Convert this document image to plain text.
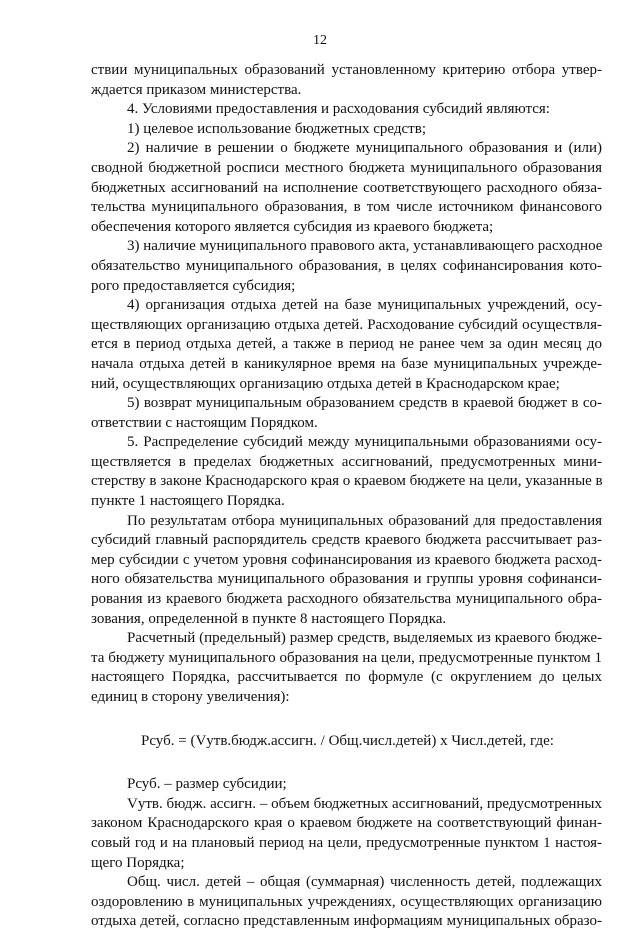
12
ствии муниципальных образований установленному критерию отбора утвер-
ждается приказом министерства.
4. Условиями предоставления и расходования субсидий являются:
1) целевое использование бюджетных средств;
2) наличие в решении о бюджете муниципального образования и (или)
сводной бюджетной росписи местного бюджета муниципального образования
бюджетных ассигнований на исполнение соответствующего расходного обяза-
тельства муниципального образования, в том числе источником финансового
обеспечения которого является субсидия из краевого бюджета;
3) наличие муниципального правового акта, устанавливающего расходное
обязательство муниципального образования, в целях софинансирования кото-
рого предоставляется субсидия;
4) организация отдыха детей на базе муниципальных учреждений, осу-
ществляющих организацию отдыха детей. Расходование субсидий осуществля-
ется в период отдыха детей, а также в период не ранее чем за один месяц до
начала отдыха детей в каникулярное время на базе муниципальных учрежде-
ний, осуществляющих организацию отдыха детей в Краснодарском крае;
5) возврат муниципальным образованием средств в краевой бюджет в со-
ответствии с настоящим Порядком.
5. Распределение субсидий между муниципальными образованиями осу-
ществляется в пределах бюджетных ассигнований, предусмотренных мини-
стерству в законе Краснодарского края о краевом бюджете на цели, указанные в
пункте 1 настоящего Порядка.
По результатам отбора муниципальных образований для предоставления
субсидий главный распорядитель средств краевого бюджета рассчитывает раз-
мер субсидии с учетом уровня софинансирования из краевого бюджета расход-
ного обязательства муниципального образования и группы уровня софинанси-
рования из краевого бюджета расходного обязательства муниципального обра-
зования, определенной в пункте 8 настоящего Порядка.
Расчетный (предельный) размер средств, выделяемых из краевого бюдже-
та бюджету муниципального образования на цели, предусмотренные пунктом 1
настоящего Порядка, рассчитывается по формуле (с округлением до целых
единиц в сторону увеличения):
Рсуб. = (Vутв.бюдж.ассигн. / Общ.числ.детей) x Числ.детей, где:
Рсуб. – размер субсидии;
Vутв. бюдж. ассигн. – объем бюджетных ассигнований, предусмотренных
законом Краснодарского края о краевом бюджете на соответствующий финан-
совый год и на плановый период на цели, предусмотренные пунктом 1 настоя-
щего Порядка;
Общ. числ. детей – общая (суммарная) численность детей, подлежащих
оздоровлению в муниципальных учреждениях, осуществляющих организацию
отдыха детей, согласно представленным информациям муниципальных образо-
